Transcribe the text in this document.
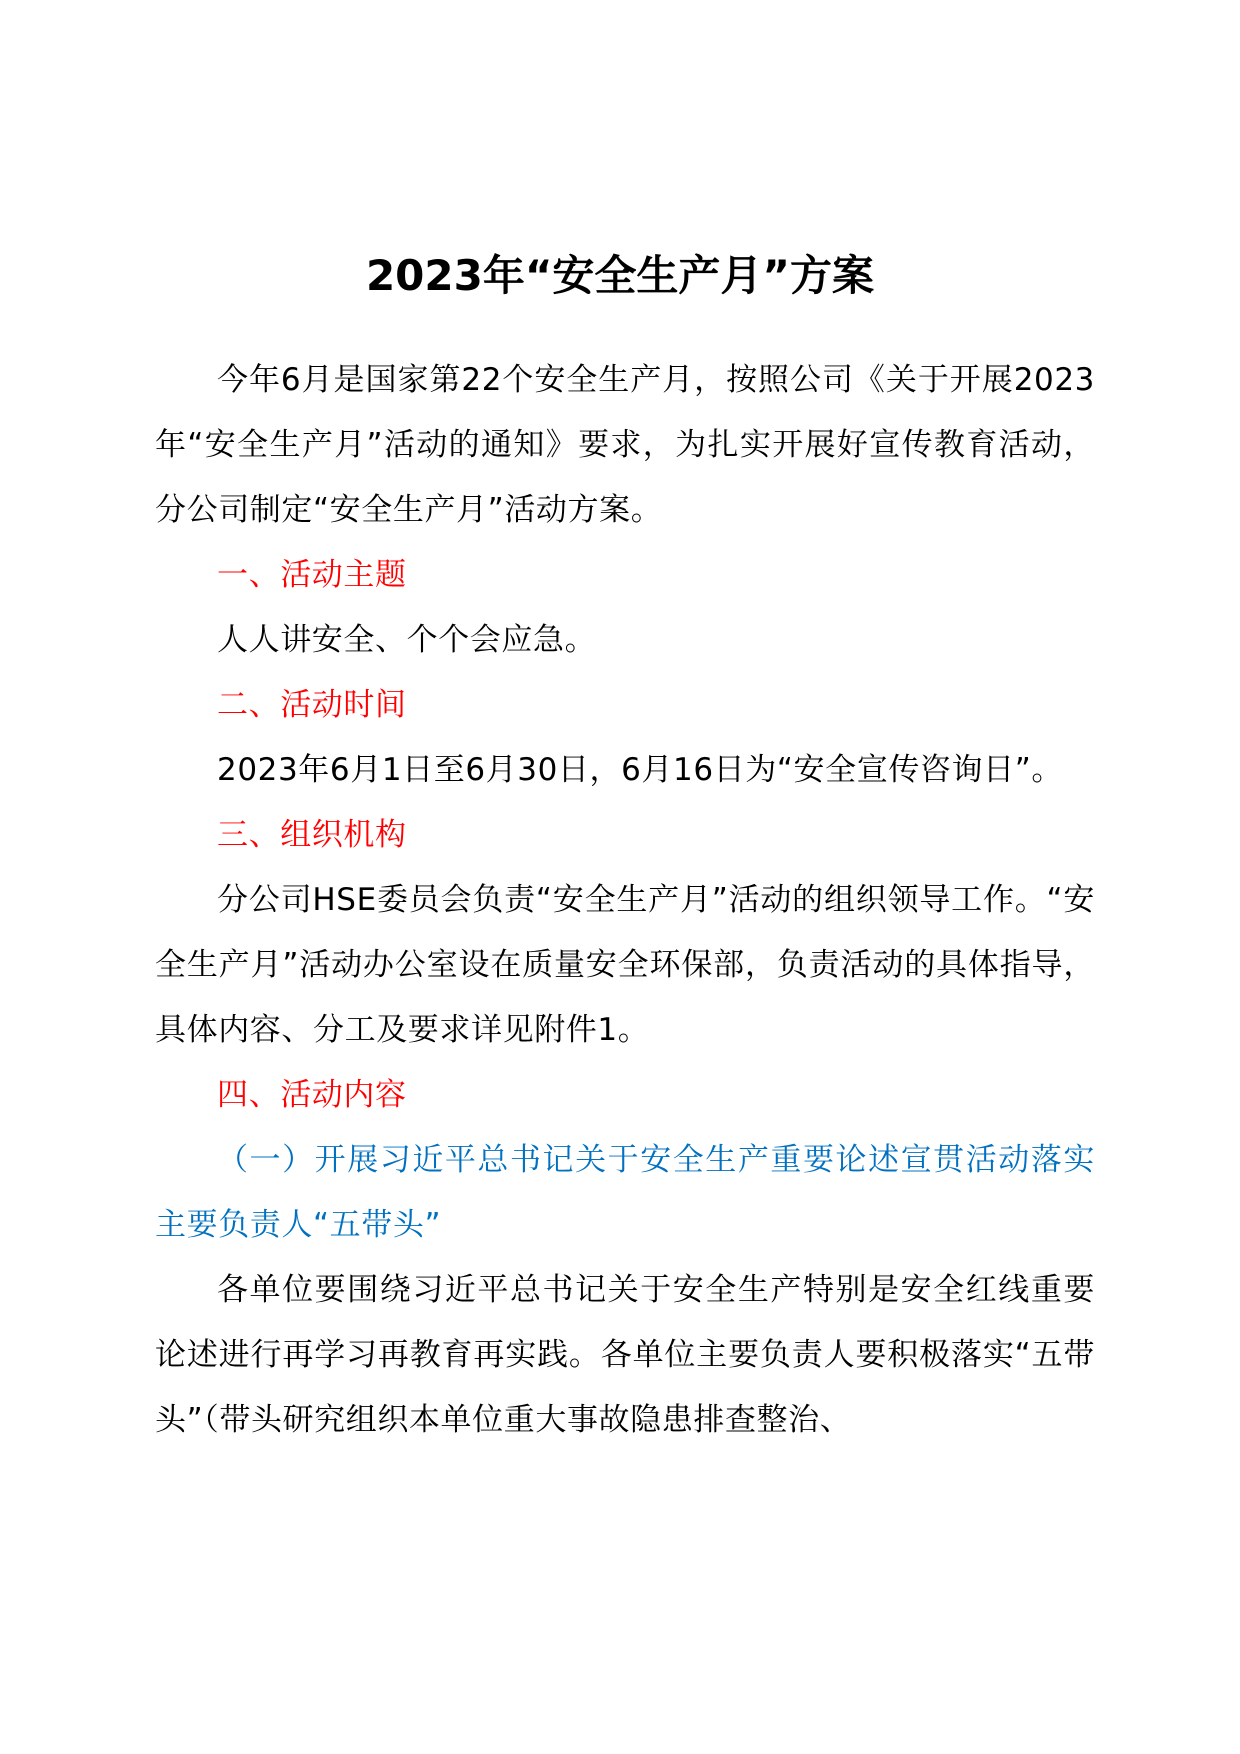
2023年“安全生产月”方案

今年6月是国家第22个安全生产月，按照公司《关于开展2023年“安全生产月”活动的通知》要求，为扎实开展好宣传教育活动，分公司制定“安全生产月”活动方案。

一、活动主题

人人讲安全、个个会应急。

二、活动时间

2023年6月1日至6月30日，6月16日为“安全宣传咨询日”。

三、组织机构

分公司HSE委员会负责“安全生产月”活动的组织领导工作。“安全生产月”活动办公室设在质量安全环保部，负责活动的具体指导，具体内容、分工及要求详见附件1。

四、活动内容

（一）开展习近平总书记关于安全生产重要论述宣贯活动落实主要负责人“五带头”

各单位要围绕习近平总书记关于安全生产特别是安全红线重要论述进行再学习再教育再实践。各单位主要负责人要积极落实“五带头”（带头研究组织本单位重大事故隐患排查整治、
